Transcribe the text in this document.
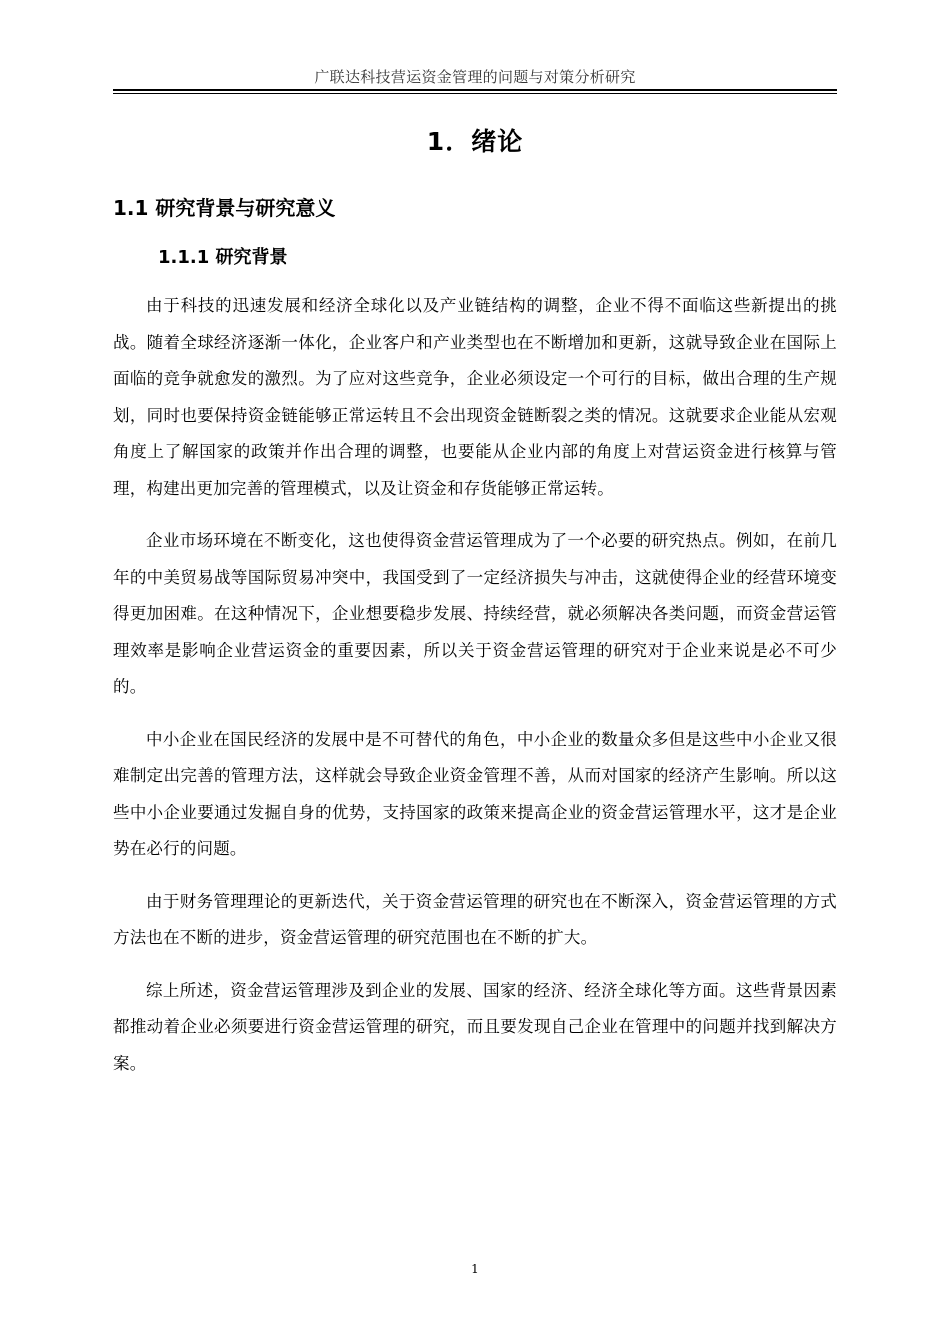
广联达科技营运资金管理的问题与对策分析研究
1．绪论
1.1 研究背景与研究意义
1.1.1 研究背景

由于科技的迅速发展和经济全球化以及产业链结构的调整，企业不得不面临这些新提出的挑战。随着全球经济逐渐一体化，企业客户和产业类型也在不断增加和更新，这就导致企业在国际上面临的竞争就愈发的激烈。为了应对这些竞争，企业必须设定一个可行的目标，做出合理的生产规划，同时也要保持资金链能够正常运转且不会出现资金链断裂之类的情况。这就要求企业能从宏观角度上了解国家的政策并作出合理的调整，也要能从企业内部的角度上对营运资金进行核算与管理，构建出更加完善的管理模式，以及让资金和存货能够正常运转。

企业市场环境在不断变化，这也使得资金营运管理成为了一个必要的研究热点。例如，在前几年的中美贸易战等国际贸易冲突中，我国受到了一定经济损失与冲击，这就使得企业的经营环境变得更加困难。在这种情况下，企业想要稳步发展、持续经营，就必须解决各类问题，而资金营运管理效率是影响企业营运资金的重要因素，所以关于资金营运管理的研究对于企业来说是必不可少的。

中小企业在国民经济的发展中是不可替代的角色，中小企业的数量众多但是这些中小企业又很难制定出完善的管理方法，这样就会导致企业资金管理不善，从而对国家的经济产生影响。所以这些中小企业要通过发掘自身的优势，支持国家的政策来提高企业的资金营运管理水平，这才是企业势在必行的问题。

由于财务管理理论的更新迭代，关于资金营运管理的研究也在不断深入，资金营运管理的方式方法也在不断的进步，资金营运管理的研究范围也在不断的扩大。

综上所述，资金营运管理涉及到企业的发展、国家的经济、经济全球化等方面。这些背景因素都推动着企业必须要进行资金营运管理的研究，而且要发现自己企业在管理中的问题并找到解决方案。

1
